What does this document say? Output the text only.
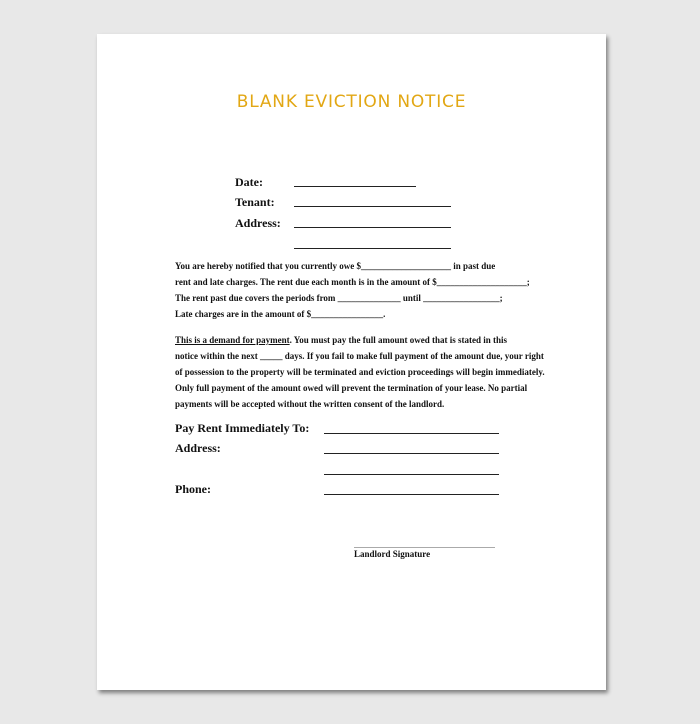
BLANK EVICTION NOTICE
Date:
Tenant:
Address:

You are hereby notified that you currently owe $____________________ in past due
rent and late charges. The rent due each month is in the amount of $____________________;
The rent past due covers the periods from ______________ until _________________;
Late charges are in the amount of $________________.

This is a demand for payment. You must pay the full amount owed that is stated in this
notice within the next _____ days. If you fail to make full payment of the amount due, your right
of possession to the property will be terminated and eviction proceedings will begin immediately.
Only full payment of the amount owed will prevent the termination of your lease. No partial
payments will be accepted without the written consent of the landlord.

Pay Rent Immediately To:
Address:
Phone:
Landlord Signature
